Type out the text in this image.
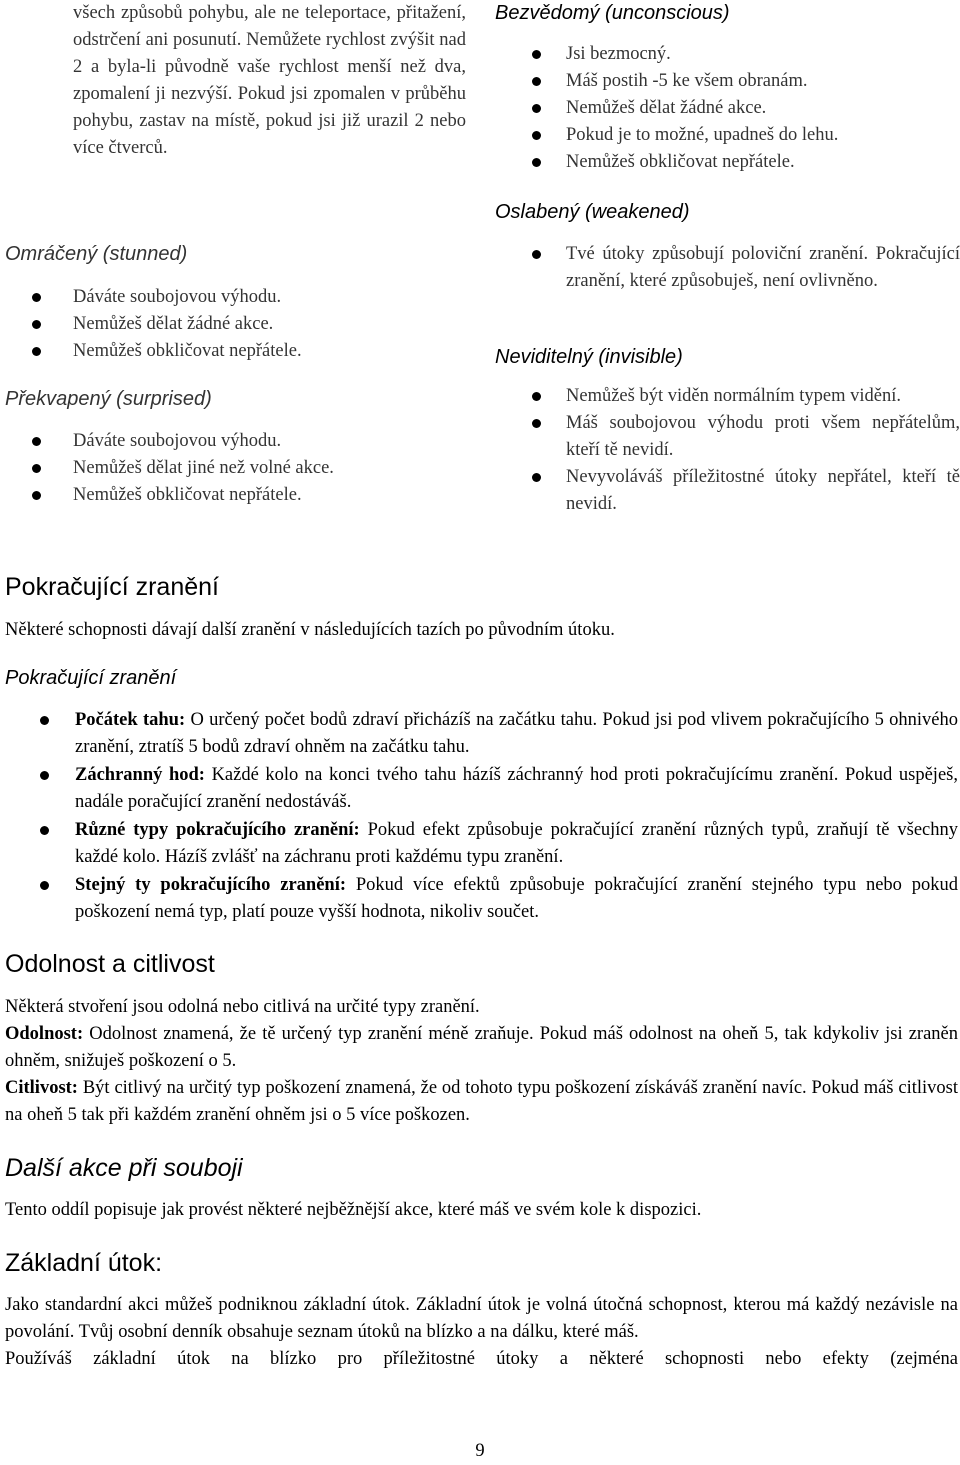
všech způsobů pohybu, ale ne teleportace, přitažení, odstrčení ani posunutí. Nemůžete rychlost zvýšit nad 2 a byla-li původně vaše rychlost menší než dva, zpomalení ji nezvýší. Pokud jsi zpomalen v průběhu pohybu, zastav na místě, pokud jsi již urazil 2 nebo více čtverců.

Omráčený (stunned)
Dáváte soubojovou výhodu.
Nemůžeš dělat žádné akce.
Nemůžeš obkličovat nepřátele.
Překvapený (surprised)
Dáváte soubojovou výhodu.
Nemůžeš dělat jiné než volné akce.
Nemůžeš obkličovat nepřátele.
Bezvědomý (unconscious)
Jsi bezmocný.
Máš postih -5 ke všem obranám.
Nemůžeš dělat žádné akce.
Pokud je to možné, upadneš do lehu.
Nemůžeš obkličovat nepřátele.
Oslabený (weakened)
Tvé útoky způsobují poloviční zranění. Pokračující zranění, které způsobuješ, není ovlivněno.
Neviditelný (invisible)
Nemůžeš být viděn normálním typem vidění.
Máš soubojovou výhodu proti všem nepřátelům, kteří tě nevidí.
Nevyvoláváš příležitostné útoky nepřátel, kteří tě nevidí.
Pokračující zranění

Některé schopnosti dávají další zranění v následujících tazích po původním útoku.

Pokračující zranění
Počátek tahu: O určený počet bodů zdraví přicházíš na začátku tahu. Pokud jsi pod vlivem pokračujícího 5 ohnivého zranění, ztratíš 5 bodů zdraví ohněm na začátku tahu.
Záchranný hod: Každé kolo na konci tvého tahu házíš záchranný hod proti pokračujícímu zranění. Pokud uspěješ, nadále poračující zranění nedostáváš.
Různé typy pokračujícího zranění: Pokud efekt způsobuje pokračující zranění různých typů, zraňují tě všechny každé kolo. Házíš zvlášť na záchranu proti každému typu zranění.
Stejný ty pokračujícího zranění: Pokud více efektů způsobuje pokračující zranění stejného typu nebo pokud poškození nemá typ, platí pouze vyšší hodnota, nikoliv součet.
Odolnost a citlivost

Některá stvoření jsou odolná nebo citlivá na určité typy zranění.

Odolnost: Odolnost znamená, že tě určený typ zranění méně zraňuje. Pokud máš odolnost na oheň 5, tak kdykoliv jsi zraněn ohněm, snižuješ poškození o 5.

Citlivost: Být citlivý na určitý typ poškození znamená, že od tohoto typu poškození získáváš zranění navíc. Pokud máš citlivost na oheň 5 tak při každém zranění ohněm jsi o 5 více poškozen.

Další akce při souboji

Tento oddíl popisuje jak provést některé nejběžnější akce, které máš ve svém kole k dispozici.

Základní útok:

Jako standardní akci můžeš podniknou základní útok. Základní útok je volná útočná schopnost, kterou má každý nezávisle na povolání. Tvůj osobní denník obsahuje seznam útoků na blízko a na dálku, které máš.

Používáš základní útok na blízko pro příležitostné útoky a některé schopnosti nebo efekty (zejména

9
